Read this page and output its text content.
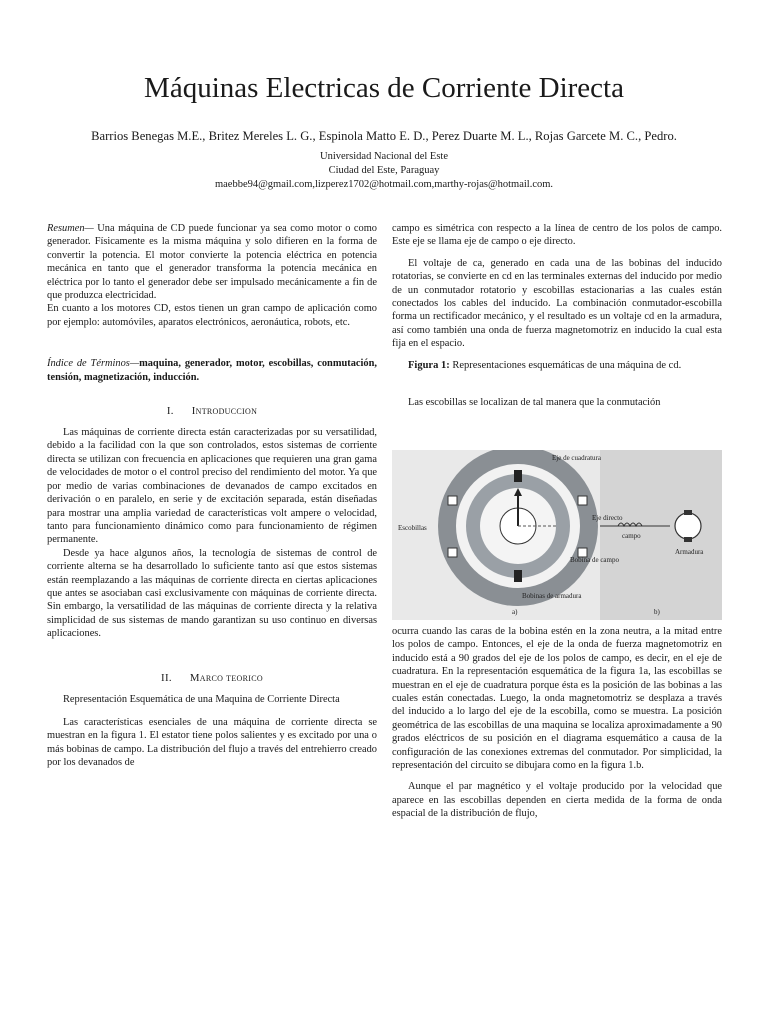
Máquinas Electricas de Corriente Directa
Barrios Benegas M.E., Britez Mereles L. G., Espinola Matto E. D., Perez Duarte M. L., Rojas Garcete M. C., Pedro.
Universidad Nacional del Este
Ciudad del Este, Paraguay
maebbe94@gmail.com,lizperez1702@hotmail.com,marthy-rojas@hotmail.com.

Resumen— Una máquina de CD puede funcionar ya sea como motor o como generador. Físicamente es la misma máquina y solo difieren en la forma de convertir la potencia. El motor convierte la potencia eléctrica en potencia mecánica en tanto que el generador transforma la potencia mecánica en eléctrica por lo tanto el generador debe ser impulsado mecánicamente a fin de que produzca electricidad.

En cuanto a los motores CD, estos tienen un gran campo de aplicación como por ejemplo: automóviles, aparatos electrónicos, aeronáutica, robots, etc.

Índice de Términos—maquina, generador, motor, escobillas, conmutación, tensión, magnetización, inducción.

I. Introduccion

Las máquinas de corriente directa están caracterizadas por su versatilidad, debido a la facilidad con la que son controlados, estos sistemas de corriente directa se utilizan con frecuencia en aplicaciones que requieren una gran gama de velocidades de motor o el control preciso del rendimiento del motor. Ya que por medio de varias combinaciones de devanados de campo excitados en derivación o en paralelo, en serie y de excitación separada, están diseñadas para mostrar una amplia variedad de características volt ampere o velocidad, tanto para funcionamiento dinámico como para funcionamiento de régimen permanente.

Desde ya hace algunos años, la tecnología de sistemas de control de corriente alterna se ha desarrollado lo suficiente tanto así que estos sistemas están reemplazando a las máquinas de corriente directa en ciertas aplicaciones que antes se asociaban casi exclusivamente con máquinas de corriente directa. Sin embargo, la versatilidad de las máquinas de corriente directa y la relativa simplicidad de sus sistemas de mando garantizan su uso continuo en diversas aplicaciones.

II. Marco teorico

Representación Esquemática de una Maquina de Corriente Directa

Las características esenciales de una máquina de corriente directa se muestran en la figura 1. El estator tiene polos salientes y es excitado por una o más bobinas de campo. La distribución del flujo a través del entrehierro creado por los devanados de

campo es simétrica con respecto a la línea de centro de los polos de campo. Este eje se llama eje de campo o eje directo.

El voltaje de ca, generado en cada una de las bobinas del inducido rotatorias, se convierte en cd en las terminales externas del inducido por medio de un conmutador rotatorio y escobillas estacionarias a las cuales están conectados los cables del inducido. La combinación conmutador-escobilla forma un rectificador mecánico, y el resultado es un voltaje cd en la armadura, así como también una onda de fuerza magnetomotriz en inducido la cual esta fija en el espacio.

Figura 1: Representaciones esquemáticas de una máquina de cd.

Las escobillas se localizan de tal manera que la conmutación

Eje de cuadratura
Eje directo
Escobillas
Bobina de campo
Bobinas de armadura
a)
campo
Armadura
b)

ocurra cuando las caras de la bobina estén en la zona neutra, a la mitad entre los polos de campo. Entonces, el eje de la onda de fuerza magnetomotriz en inducido está a 90 grados del eje de los polos de campo, es decir, en el eje de cuadratura. En la representación esquemática de la figura 1a, las escobillas se muestran en el eje de cuadratura porque ésta es la posición de las bobinas a las cuales están conectadas. Luego, la onda magnetomotriz se desplaza a través del inducido a lo largo del eje de la escobilla, como se muestra. La posición geométrica de las escobillas de una maquina se localiza aproximadamente a 90 grados eléctricos de su posición en el diagrama esquemático a causa de la configuración de las conexiones extremas del conmutador. Por simplicidad, la representación del circuito se dibujara como en la figura 1.b.

Aunque el par magnético y el voltaje producido por la velocidad que aparece en las escobillas dependen en cierta medida de la forma de onda espacial de la distribución de flujo,
